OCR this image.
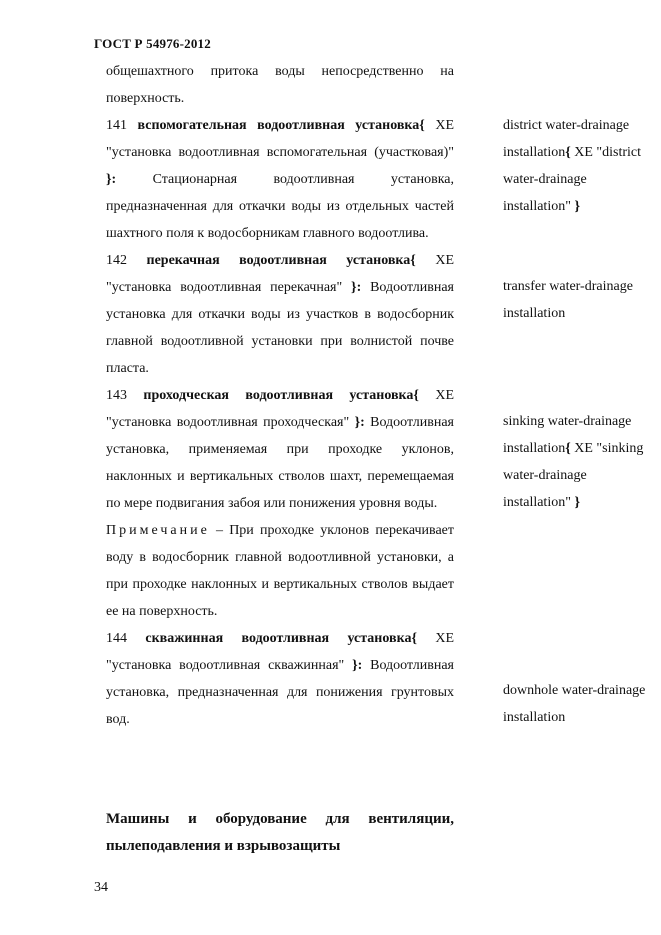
ГОСТ Р 54976-2012

общешахтного притока воды непосредственно на поверхность.

141 вспомогательная водоотливная установка{ XE "установка водоотливная вспомогательная (участковая)" }: Стационарная водоотливная установка, предназначенная для откачки воды из отдельных частей шахтного поля к водосборникам главного водоотлива.

142 перекачная водоотливная установка{ XE "установка водоотливная перекачная" }: Водоотливная установка для откачки воды из участков в водосборник главной водоотливной установки при волнистой почве пласта.

143 проходческая водоотливная установка{ XE "установка водоотливная проходческая" }: Водоотливная установка, применяемая при проходке уклонов, наклонных и вертикальных стволов шахт, перемещаемая по мере подвигания забоя или понижения уровня воды.

Примечание – При проходке уклонов перекачивает воду в водосборник главной водоотливной установки, а при проходке наклонных и вертикальных стволов выдает ее на поверхность.

144 скважинная водоотливная установка{ XE "установка водоотливная скважинная" }: Водоотливная установка, предназначенная для понижения грунтовых вод.

district water-drainage installation{ XE "district water-drainage installation" }
transfer water-drainage installation
sinking water-drainage installation{ XE "sinking water-drainage installation" }
downhole water-drainage installation
Машины и оборудование для вентиляции, пылеподавления и взрывозащиты
34
